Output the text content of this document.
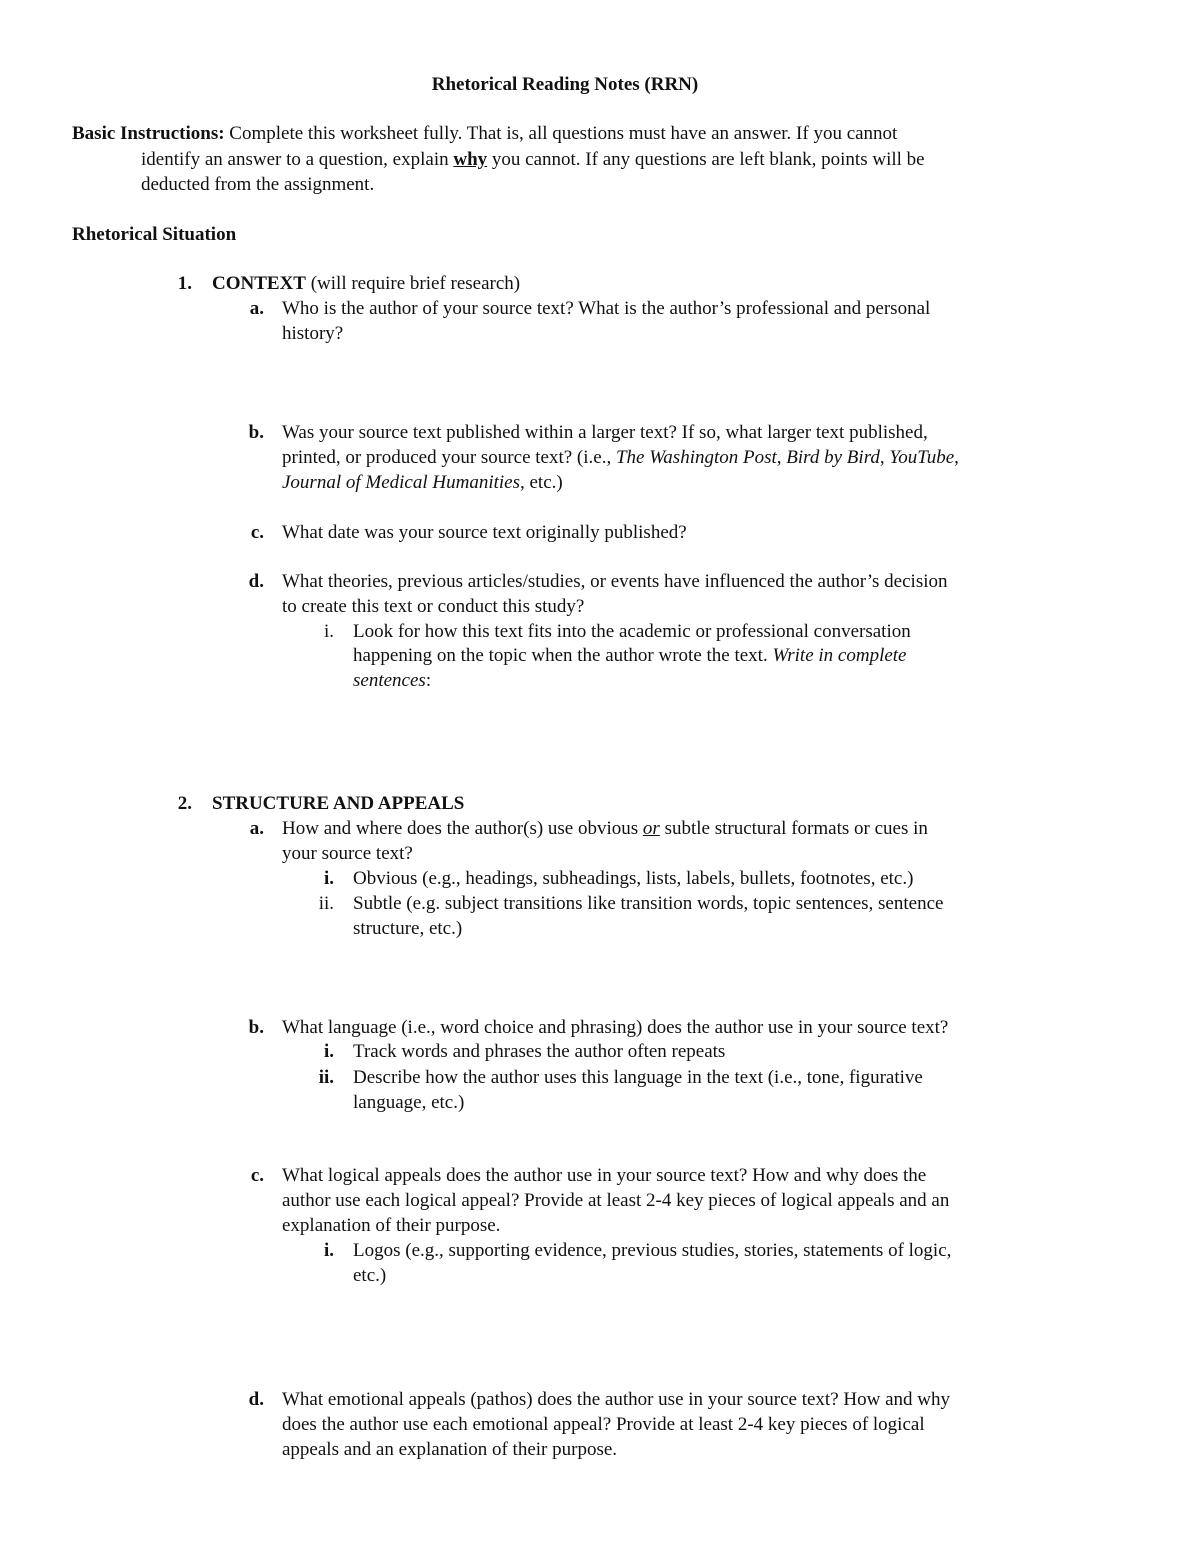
Rhetorical Reading Notes (RRN)
Basic Instructions: Complete this worksheet fully. That is, all questions must have an answer. If you cannot
identify an answer to a question, explain why you cannot. If any questions are left blank, points will be
deducted from the assignment.
Rhetorical Situation
1. CONTEXT (will require brief research)
a. Who is the author of your source text? What is the author’s professional and personal
history?
b. Was your source text published within a larger text? If so, what larger text published,
printed, or produced your source text? (i.e., The Washington Post, Bird by Bird, YouTube,
Journal of Medical Humanities, etc.)
c. What date was your source text originally published?
d. What theories, previous articles/studies, or events have influenced the author’s decision
to create this text or conduct this study?
i. Look for how this text fits into the academic or professional conversation
happening on the topic when the author wrote the text. Write in complete
sentences:
2. STRUCTURE AND APPEALS
a. How and where does the author(s) use obvious or subtle structural formats or cues in
your source text?
i. Obvious (e.g., headings, subheadings, lists, labels, bullets, footnotes, etc.)
ii. Subtle (e.g. subject transitions like transition words, topic sentences, sentence
structure, etc.)
b. What language (i.e., word choice and phrasing) does the author use in your source text?
i. Track words and phrases the author often repeats
ii. Describe how the author uses this language in the text (i.e., tone, figurative
language, etc.)
c. What logical appeals does the author use in your source text? How and why does the
author use each logical appeal? Provide at least 2-4 key pieces of logical appeals and an
explanation of their purpose.
i. Logos (e.g., supporting evidence, previous studies, stories, statements of logic,
etc.)
d. What emotional appeals (pathos) does the author use in your source text? How and why
does the author use each emotional appeal? Provide at least 2-4 key pieces of logical
appeals and an explanation of their purpose.
